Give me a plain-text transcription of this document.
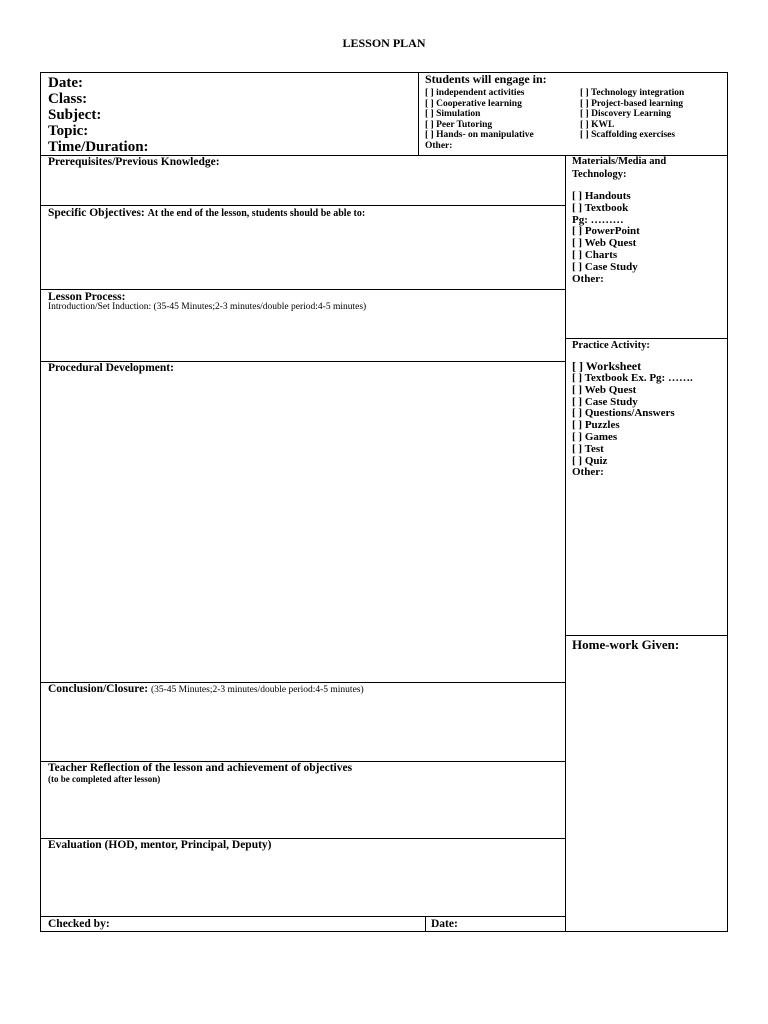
LESSON PLAN
Date:
Class:
Subject:
Topic:
Time/Duration:
Students will engage in:
[ ] independent activities
[ ] Cooperative learning
[ ] Simulation
[ ] Peer Tutoring
[ ] Hands- on manipulative
Other:
[ ] Technology integration
[ ] Project-based learning
[ ] Discovery Learning
[ ] KWL
[ ] Scaffolding exercises
Prerequisites/Previous Knowledge:
Specific Objectives: At the end of the lesson, students should be able to:
Lesson Process:
Introduction/Set Induction: (35-45 Minutes;2-3 minutes/double period:4-5 minutes)
Procedural Development:
Conclusion/Closure: (35-45 Minutes;2-3 minutes/double period:4-5 minutes)
Teacher Reflection of the lesson and achievement of objectives
(to be completed after lesson)
Evaluation (HOD, mentor, Principal, Deputy)
Checked by:	Date:
Materials/Media and
Technology:
[ ] Handouts
[ ] Textbook
Pg: ………
[ ] PowerPoint
[ ] Web Quest
[ ] Charts
[ ] Case Study
Other:
Practice Activity:
[ ] Worksheet
[ ] Textbook Ex. Pg: …….
[ ] Web Quest
[ ] Case Study
[ ] Questions/Answers
[ ] Puzzles
[ ] Games
[ ] Test
[ ] Quiz
Other:
Home-work Given:
